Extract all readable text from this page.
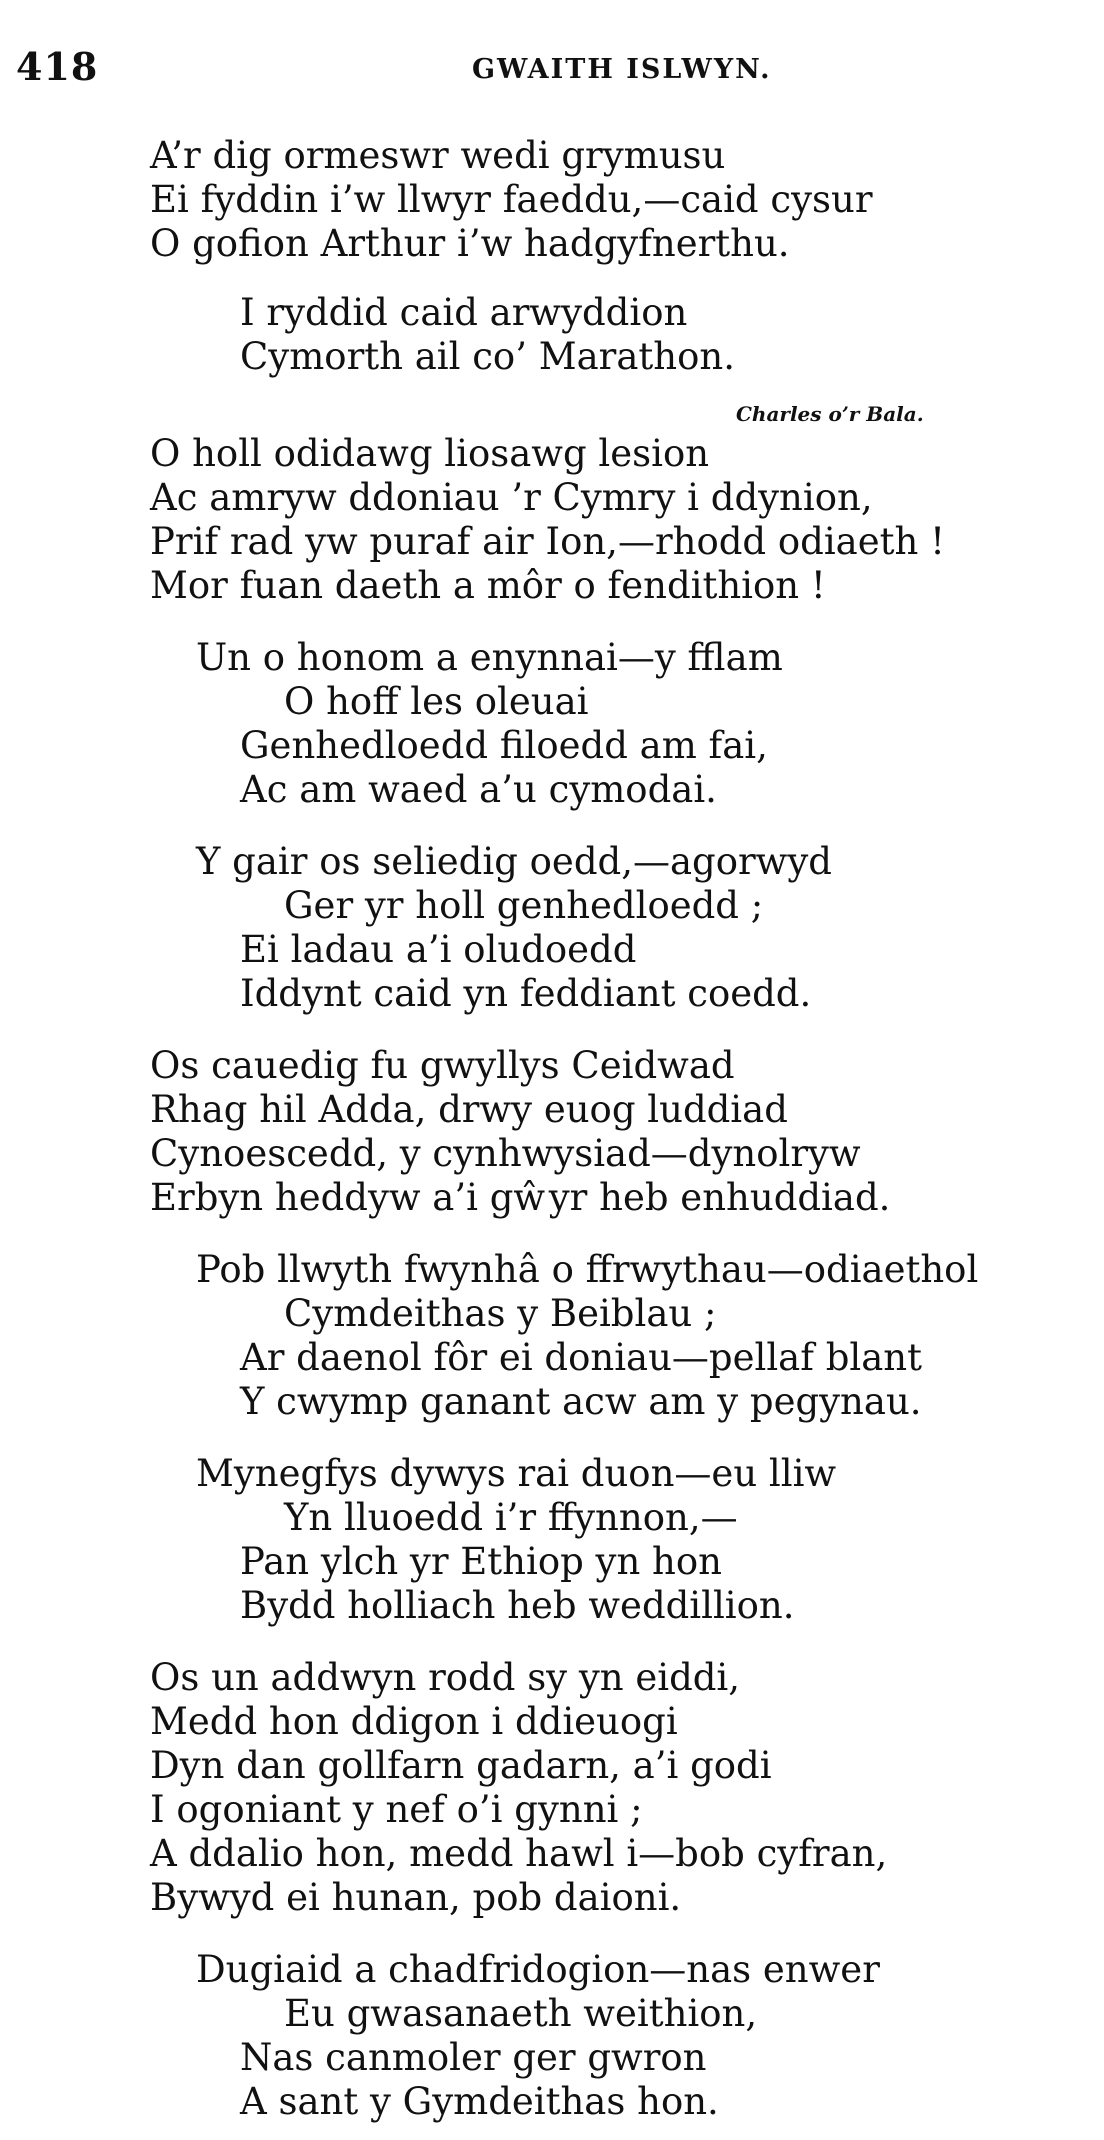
418	GWAITH ISLWYN.
A’r dig ormeswr wedi grymusu
Ei fyddin i’w llwyr faeddu,—caid cysur
O gofion Arthur i’w hadgyfnerthu.
I ryddid caid arwyddion
Cymorth ail co’ Marathon.
Charles o’r Bala.
O holl odidawg liosawg lesion
Ac amryw ddoniau ’r Cymry i ddynion,
Prif rad yw puraf air Ion,—rhodd odiaeth !
Mor fuan daeth a môr o fendithion !
Un o honom a enynnai—y fflam
O hoff les oleuai
Genhedloedd filoedd am fai,
Ac am waed a’u cymodai.
Y gair os seliedig oedd,—agorwyd
Ger yr holl genhedloedd ;
Ei ladau a’i oludoedd
Iddynt caid yn feddiant coedd.
Os cauedig fu gwyllys Ceidwad
Rhag hil Adda, drwy euog luddiad
Cynoescedd, y cynhwysiad—dynolryw
Erbyn heddyw a’i gŵyr heb enhuddiad.
Pob llwyth fwynhâ o ffrwythau—odiaethol
Cymdeithas y Beiblau ;
Ar daenol fôr ei doniau—pellaf blant
Y cwymp ganant acw am y pegynau.
Mynegfys dywys rai duon—eu lliw
Yn lluoedd i’r ffynnon,—
Pan ylch yr Ethiop yn hon
Bydd holliach heb weddillion.
Os un addwyn rodd sy yn eiddi,
Medd hon ddigon i ddieuogi
Dyn dan gollfarn gadarn, a’i godi
I ogoniant y nef o’i gynni ;
A ddalio hon, medd hawl i—bob cyfran,
Bywyd ei hunan, pob daioni.
Dugiaid a chadfridogion—nas enwer
Eu gwasanaeth weithion,
Nas canmoler ger gwron
A sant y Gymdeithas hon.
